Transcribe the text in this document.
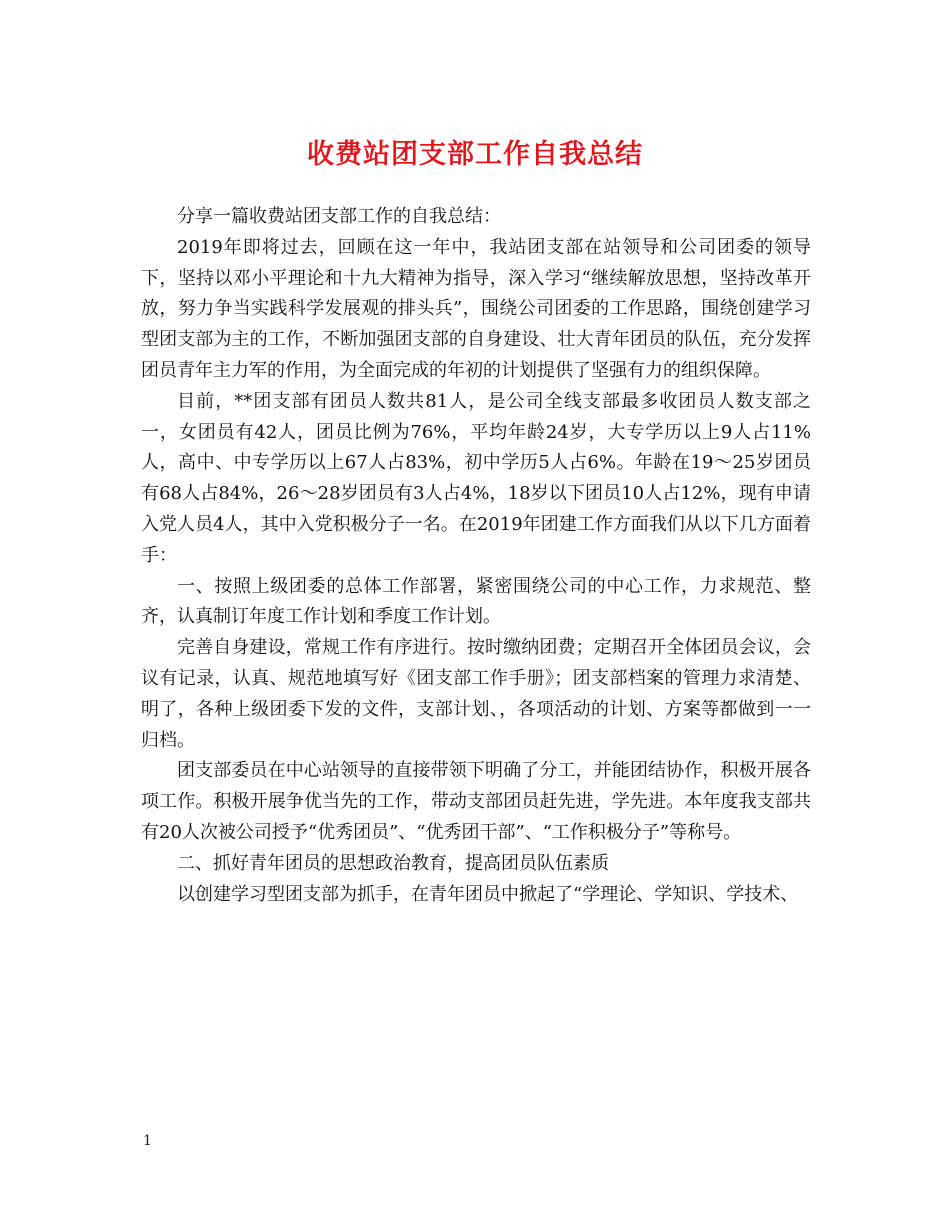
收费站团支部工作自我总结

分享一篇收费站团支部工作的自我总结：

2019年即将过去，回顾在这一年中，我站团支部在站领导和公司团委的领导下，坚持以邓小平理论和十九大精神为指导，深入学习“继续解放思想，坚持改革开放，努力争当实践科学发展观的排头兵”，围绕公司团委的工作思路，围绕创建学习型团支部为主的工作，不断加强团支部的自身建设、壮大青年团员的队伍，充分发挥团员青年主力军的作用，为全面完成的年初的计划提供了坚强有力的组织保障。

目前，**团支部有团员人数共81人，是公司全线支部最多收团员人数支部之一，女团员有42人，团员比例为76%，平均年龄24岁，大专学历以上9人占11%人，高中、中专学历以上67人占83%，初中学历5人占6%。年龄在19～25岁团员有68人占84%，26～28岁团员有3人占4%，18岁以下团员10人占12%，现有申请入党人员4人，其中入党积极分子一名。在2019年团建工作方面我们从以下几方面着手：

一、按照上级团委的总体工作部署，紧密围绕公司的中心工作，力求规范、整齐，认真制订年度工作计划和季度工作计划。

完善自身建设，常规工作有序进行。按时缴纳团费；定期召开全体团员会议，会议有记录，认真、规范地填写好《团支部工作手册》；团支部档案的管理力求清楚、明了，各种上级团委下发的文件，支部计划、，各项活动的计划、方案等都做到一一归档。

团支部委员在中心站领导的直接带领下明确了分工，并能团结协作，积极开展各项工作。积极开展争优当先的工作，带动支部团员赶先进，学先进。本年度我支部共有20人次被公司授予“优秀团员”、“优秀团干部”、“工作积极分子”等称号。

二、抓好青年团员的思想政治教育，提高团员队伍素质

以创建学习型团支部为抓手，在青年团员中掀起了“学理论、学知识、学技术、

1
